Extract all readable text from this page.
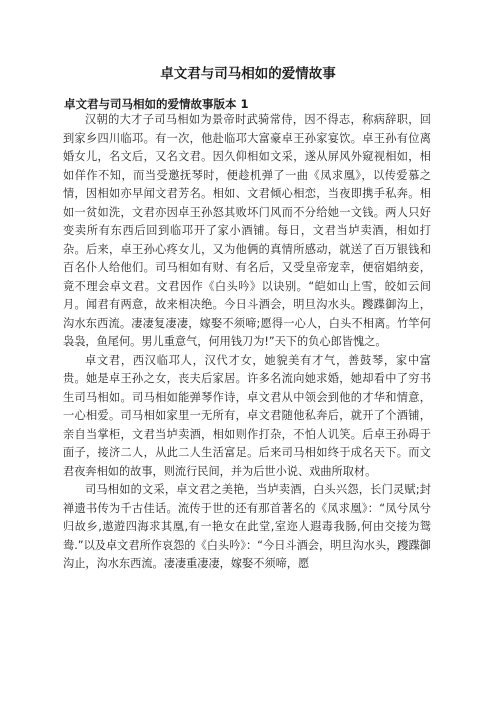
卓文君与司马相如的爱情故事
卓文君与司马相如的爱情故事版本 1

汉朝的大才子司马相如为景帝时武骑常侍，因不得志，称病辞职，回到家乡四川临邛。有一次，他赴临邛大富豪卓王孙家宴饮。卓王孙有位离婚女儿，名文后，又名文君。因久仰相如文采，遂从屏风外窥视相如，相如佯作不知，而当受邀抚琴时，便趁机弹了一曲《凤求凰》，以传爱慕之情，因相如亦早闻文君芳名。相如、文君倾心相恋，当夜即携手私奔。相如一贫如洗，文君亦因卓王孙怒其败坏门风而不分给她一文钱。两人只好变卖所有东西后回到临邛开了家小酒铺。每日，文君当垆卖酒，相如打杂。后来，卓王孙心疼女儿，又为他俩的真情所感动，就送了百万银钱和百名仆人给他们。司马相如有财、有名后，又受皇帝宠幸，便宿娼纳妾，竟不理会卓文君。文君因作《白头吟》以诀别。“皑如山上雪，皎如云间月。闻君有两意，故来相决绝。今日斗酒会，明旦沟水头。躞蹀御沟上，沟水东西流。凄凄复凄凄，嫁娶不须啼;愿得一心人，白头不相离。竹竿何袅袅，鱼尾何。男儿重意气，何用钱刀为!”天下的负心郎皆愧之。

卓文君，西汉临邛人，汉代才女，她貌美有才气，善鼓琴，家中富贵。她是卓王孙之女，丧夫后家居。许多名流向她求婚，她却看中了穷书生司马相如。司马相如能弹琴作诗，卓文君从中领会到他的才华和情意，一心相爱。司马相如家里一无所有，卓文君随他私奔后，就开了个酒铺，亲自当掌柜，文君当垆卖酒，相如则作打杂，不怕人讥笑。后卓王孙碍于面子，接济二人，从此二人生活富足。后来司马相如终于成名天下。而文君夜奔相如的故事，则流行民间，并为后世小说、戏曲所取材。

司马相如的文采，卓文君之美艳，当垆卖酒，白头兴怨，长门灵赋;封禅遗书传为千古佳话。流传于世的还有那首著名的《凤求凰》：“凤兮凤兮归故乡,遨遊四海求其凰,有一艳女在此堂,室迩人遐毒我肠,何由交接为鸳鸯.”以及卓文君所作哀怨的《白头吟》：“今日斗酒会，明旦沟水头，躞蹀御沟止，沟水东西流。凄凄重凄凄，嫁娶不须啼，愿
